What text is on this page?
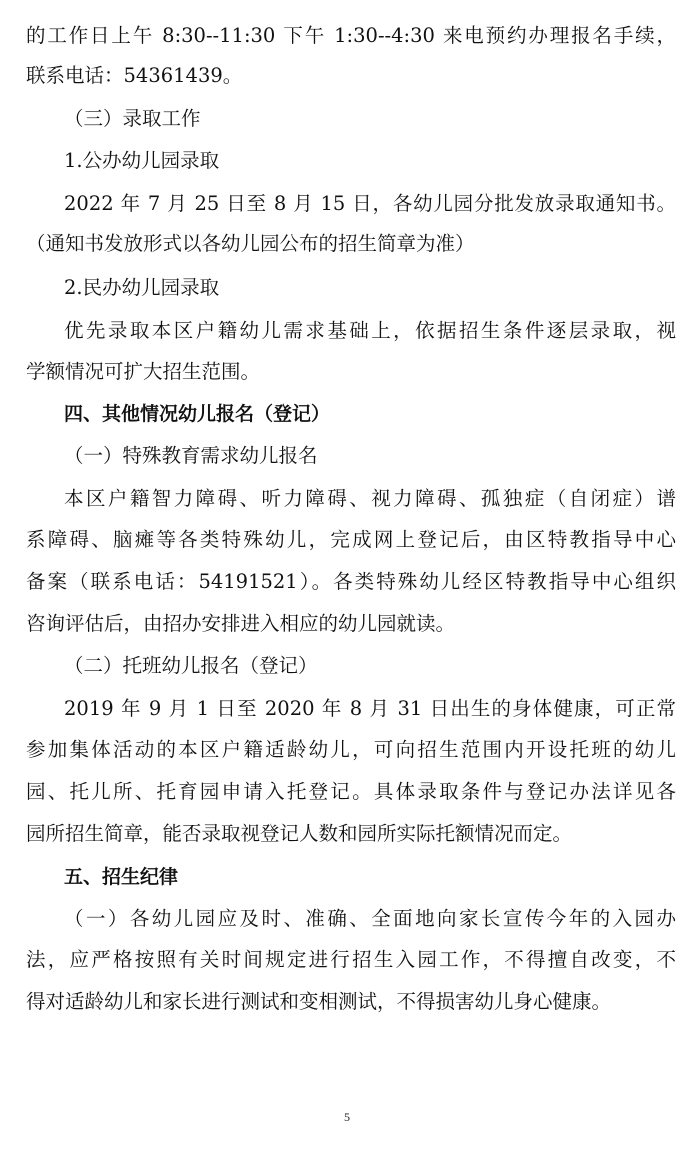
的工作日上午 8:30--11:30 下午 1:30--4:30 来电预约办理报名手续，
联系电话：54361439。
（三）录取工作
1.公办幼儿园录取
2022 年 7 月 25 日至 8 月 15 日，各幼儿园分批发放录取通知书。
（通知书发放形式以各幼儿园公布的招生简章为准）
2.民办幼儿园录取
优先录取本区户籍幼儿需求基础上，依据招生条件逐层录取，视
学额情况可扩大招生范围。
四、其他情况幼儿报名（登记）
（一）特殊教育需求幼儿报名
本区户籍智力障碍、听力障碍、视力障碍、孤独症（自闭症）谱
系障碍、脑瘫等各类特殊幼儿，完成网上登记后，由区特教指导中心
备案（联系电话：54191521）。各类特殊幼儿经区特教指导中心组织
咨询评估后，由招办安排进入相应的幼儿园就读。
（二）托班幼儿报名（登记）
2019 年 9 月 1 日至 2020 年 8 月 31 日出生的身体健康，可正常
参加集体活动的本区户籍适龄幼儿，可向招生范围内开设托班的幼儿
园、托儿所、托育园申请入托登记。具体录取条件与登记办法详见各
园所招生简章，能否录取视登记人数和园所实际托额情况而定。
五、招生纪律
（一）各幼儿园应及时、准确、全面地向家长宣传今年的入园办
法，应严格按照有关时间规定进行招生入园工作，不得擅自改变，不
得对适龄幼儿和家长进行测试和变相测试，不得损害幼儿身心健康。
5
